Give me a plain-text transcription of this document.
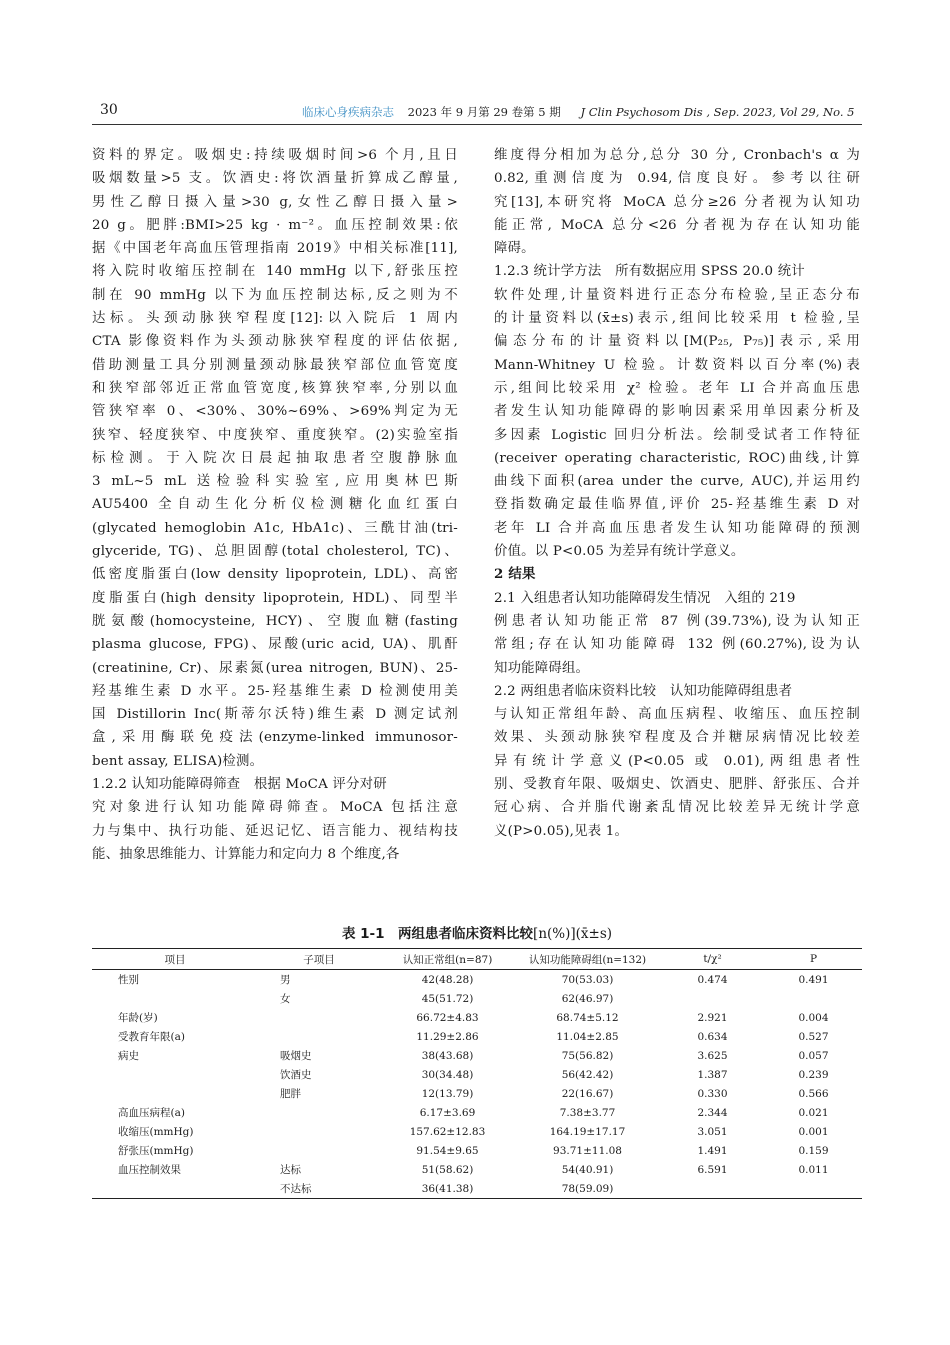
30	临床心身疾病杂志 2023 年 9 月第 29 卷第 5 期 J Clin Psychosom Dis , Sep. 2023, Vol 29, No. 5
资料的界定。吸烟史:持续吸烟时间>6 个月,且日
吸烟数量>5 支。饮酒史:将饮酒量折算成乙醇量,
男性乙醇日摄入量>30 g,女性乙醇日摄入量>
20 g。肥胖:BMI>25 kg · m⁻²。血压控制效果:依
据《中国老年高血压管理指南 2019》中相关标准[11],
将入院时收缩压控制在 140 mmHg 以下,舒张压控
制在 90 mmHg 以下为血压控制达标,反之则为不
达标。头颈动脉狭窄程度[12]:以入院后 1 周内
CTA 影像资料作为头颈动脉狭窄程度的评估依据,
借助测量工具分别测量颈动脉最狭窄部位血管宽度
和狭窄部邻近正常血管宽度,核算狭窄率,分别以血
管狭窄率 0、<30%、30%~69%、>69%判定为无
狭窄、轻度狭窄、中度狭窄、重度狭窄。(2)实验室指
标检测。于入院次日晨起抽取患者空腹静脉血
3 mL~5 mL 送检验科实验室,应用奥林巴斯
AU5400 全自动生化分析仪检测糖化血红蛋白
(glycated hemoglobin A1c, HbA1c)、三酰甘油(tri-
glyceride, TG)、总胆固醇(total cholesterol, TC)、
低密度脂蛋白(low density lipoprotein, LDL)、高密
度脂蛋白(high density lipoprotein, HDL)、同型半
胱氨酸(homocysteine, HCY)、空腹血糖(fasting
plasma glucose, FPG)、尿酸(uric acid, UA)、肌酐
(creatinine, Cr)、尿素氮(urea nitrogen, BUN)、25-
羟基维生素 D 水平。25-羟基维生素 D 检测使用美
国 Distillorin Inc(斯蒂尔沃特)维生素 D 测定试剂
盒,采用酶联免疫法(enzyme-linked immunosor-
bent assay, ELISA)检测。
1.2.2 认知功能障碍筛查　根据 MoCA 评分对研
究对象进行认知功能障碍筛查。MoCA 包括注意
力与集中、执行功能、延迟记忆、语言能力、视结构技
能、抽象思维能力、计算能力和定向力 8 个维度,各
维度得分相加为总分,总分 30 分, Cronbach's α 为
0.82,重测信度为 0.94,信度良好。参考以往研
究[13],本研究将 MoCA 总分≥26 分者视为认知功
能正常, MoCA 总分<26 分者视为存在认知功能
障碍。
1.2.3 统计学方法　所有数据应用 SPSS 20.0 统计
软件处理,计量资料进行正态分布检验,呈正态分布
的计量资料以(x̄±s)表示,组间比较采用 t 检验,呈
偏态分布的计量资料以[M(P₂₅, P₇₅)]表示,采用
Mann-Whitney U 检验。计数资料以百分率(%)表
示,组间比较采用 χ² 检验。老年 LI 合并高血压患
者发生认知功能障碍的影响因素采用单因素分析及
多因素 Logistic 回归分析法。绘制受试者工作特征
(receiver operating characteristic, ROC)曲线,计算
曲线下面积(area under the curve, AUC),并运用约
登指数确定最佳临界值,评价 25-羟基维生素 D 对
老年 LI 合并高血压患者发生认知功能障碍的预测
价值。以 P<0.05 为差异有统计学意义。
2 结果
2.1 入组患者认知功能障碍发生情况　入组的 219
例患者认知功能正常 87 例(39.73%),设为认知正
常组;存在认知功能障碍 132 例(60.27%),设为认
知功能障碍组。
2.2 两组患者临床资料比较　认知功能障碍组患者
与认知正常组年龄、高血压病程、收缩压、血压控制
效果、头颈动脉狭窄程度及合并糖尿病情况比较差
异有统计学意义(P<0.05 或 0.01),两组患者性
别、受教育年限、吸烟史、饮酒史、肥胖、舒张压、合并
冠心病、合并脂代谢紊乱情况比较差异无统计学意
义(P>0.05),见表 1。
表 1-1　两组患者临床资料比较[n(%)](x̄±s)
项目	子项目	认知正常组(n=87)	认知功能障碍组(n=132)	t/χ²	P
性别	男	42(48.28)	70(53.03)	0.474	0.491
	女	45(51.72)	62(46.97)		
年龄(岁)		66.72±4.83	68.74±5.12	2.921	0.004
受教育年限(a)		11.29±2.86	11.04±2.85	0.634	0.527
病史	吸烟史	38(43.68)	75(56.82)	3.625	0.057
	饮酒史	30(34.48)	56(42.42)	1.387	0.239
	肥胖	12(13.79)	22(16.67)	0.330	0.566
高血压病程(a)		6.17±3.69	7.38±3.77	2.344	0.021
收缩压(mmHg)		157.62±12.83	164.19±17.17	3.051	0.001
舒张压(mmHg)		91.54±9.65	93.71±11.08	1.491	0.159
血压控制效果	达标	51(58.62)	54(40.91)	6.591	0.011
	不达标	36(41.38)	78(59.09)		
